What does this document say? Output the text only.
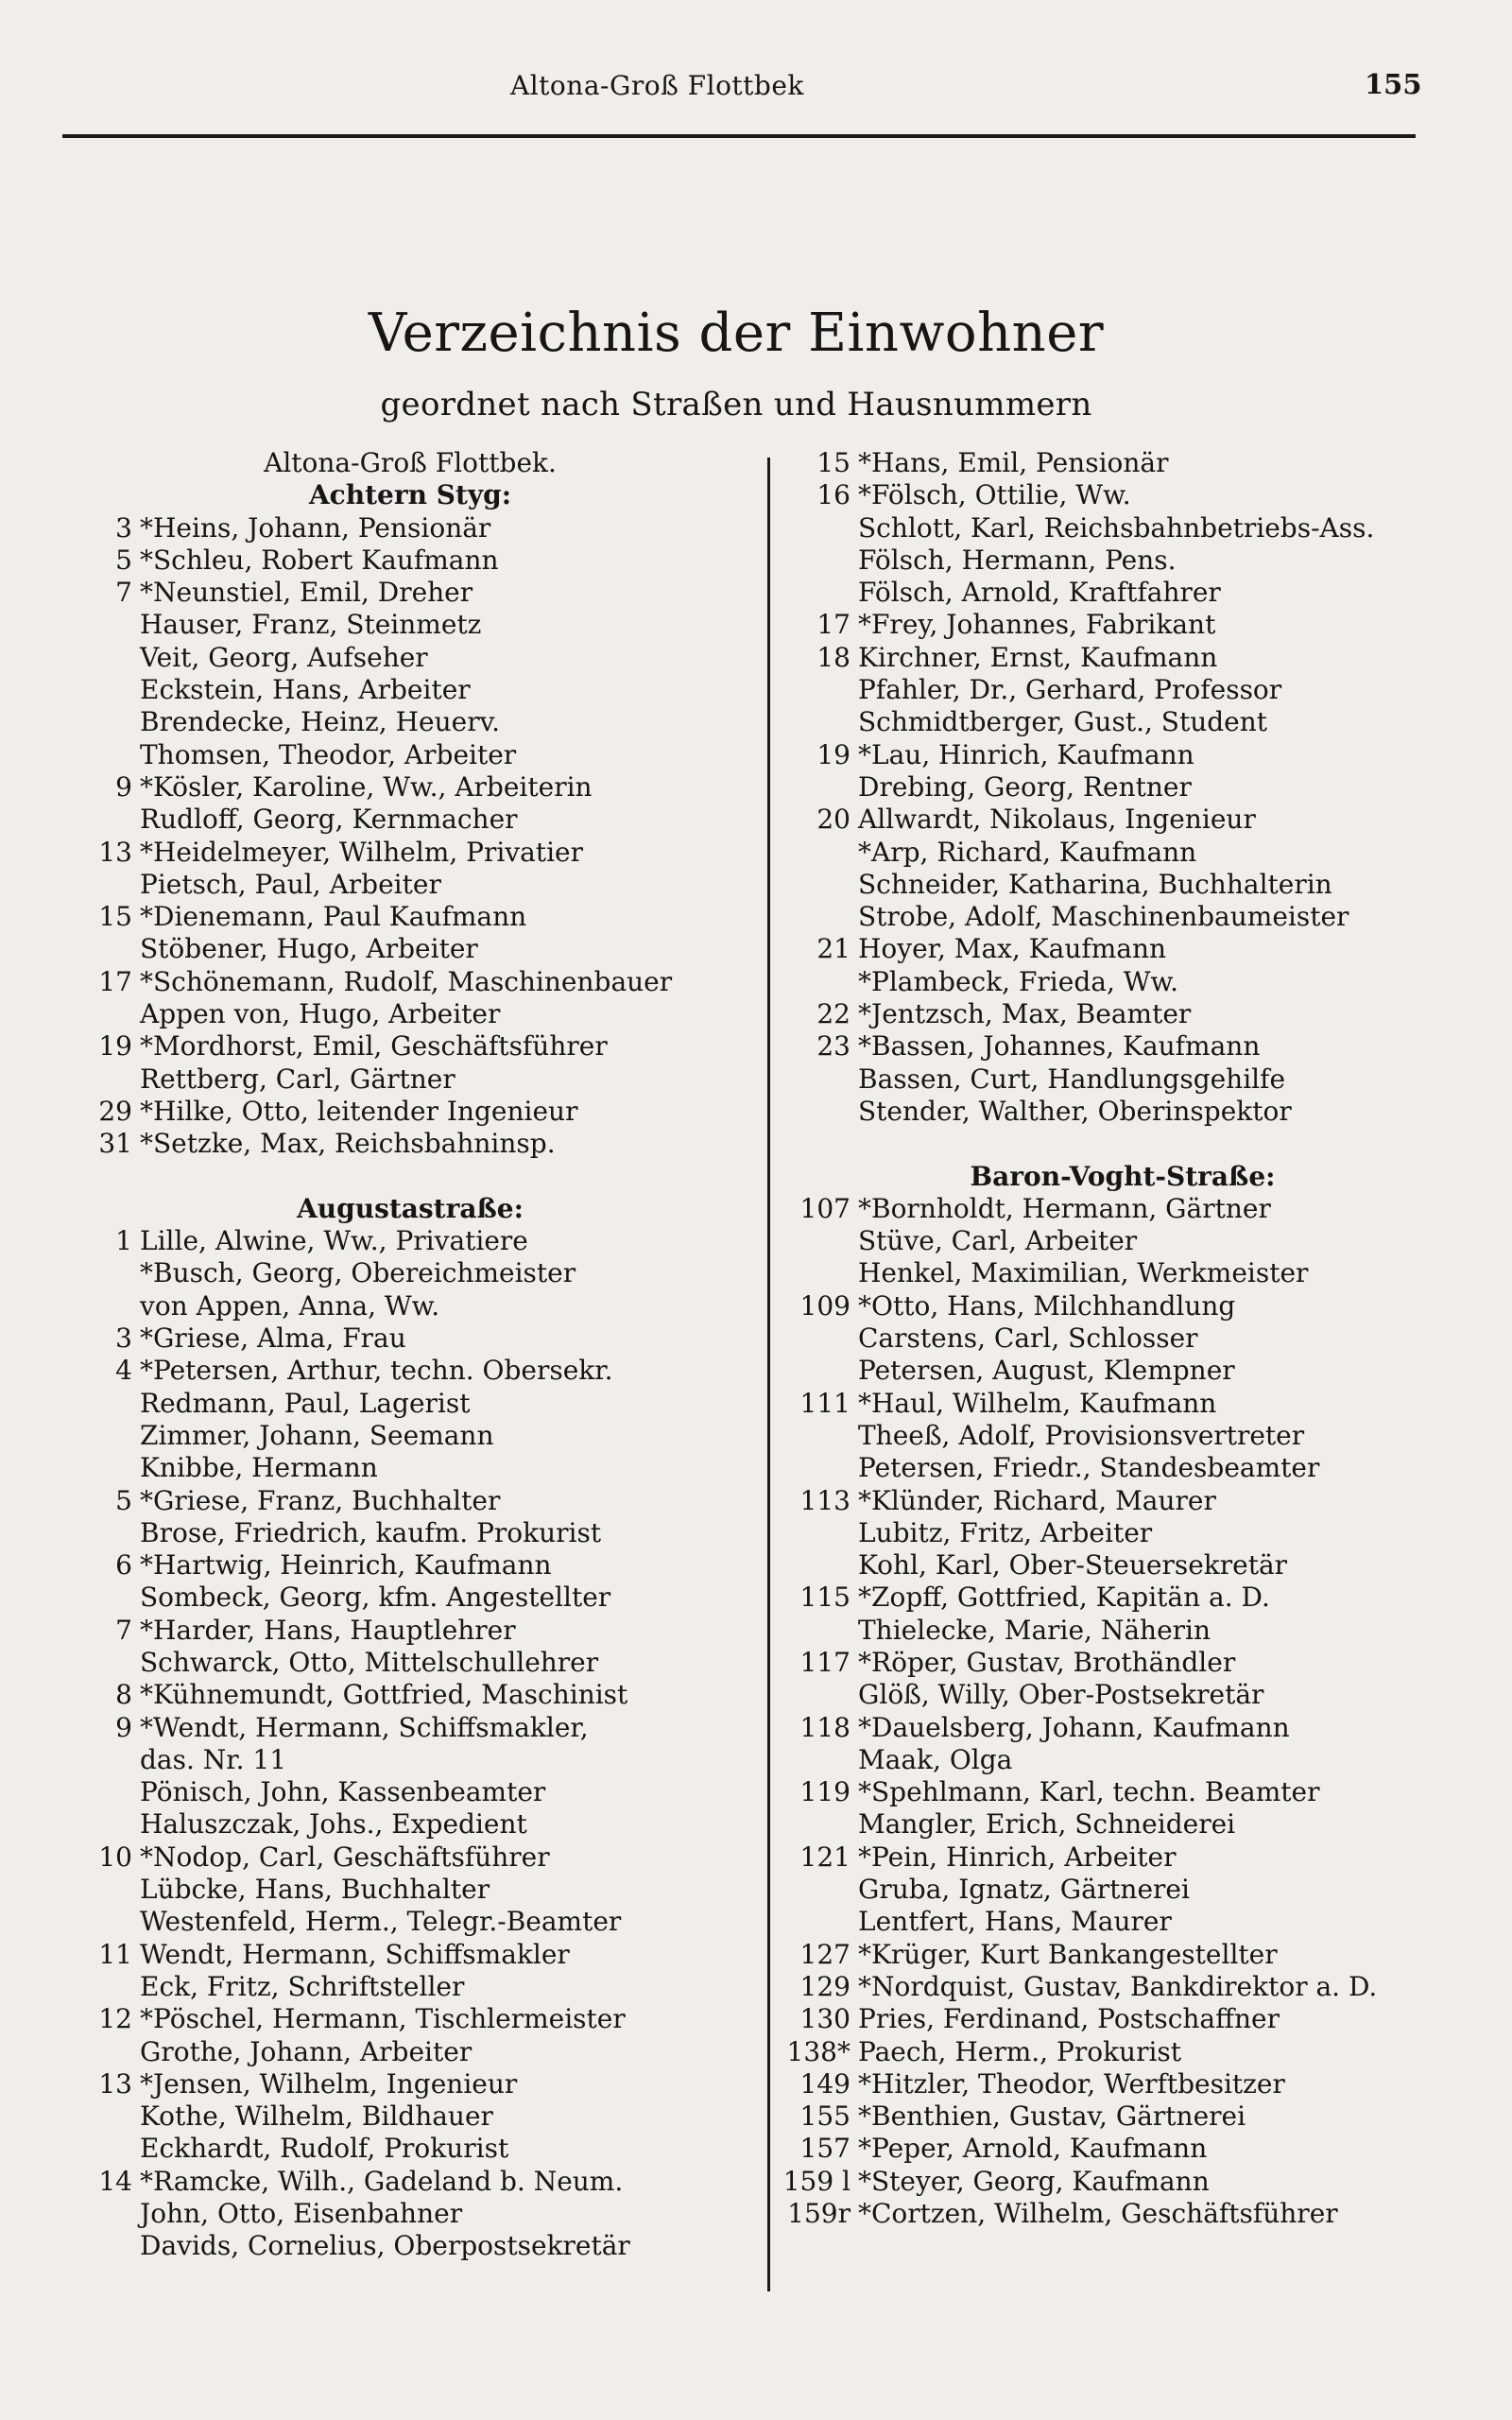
Altona-Groß Flottbek	155
Verzeichnis der Einwohner
geordnet nach Straßen und Hausnummern
Altona-Groß Flottbek.
Achtern Styg:
3 *Heins, Johann, Pensionär
5 *Schleu, Robert Kaufmann
7 *Neunstiel, Emil, Dreher
Hauser, Franz, Steinmetz
Veit, Georg, Aufseher
Eckstein, Hans, Arbeiter
Brendecke, Heinz, Heuerv.
Thomsen, Theodor, Arbeiter
9 *Kösler, Karoline, Ww., Arbeiterin
Rudloff, Georg, Kernmacher
13 *Heidelmeyer, Wilhelm, Privatier
Pietsch, Paul, Arbeiter
15 *Dienemann, Paul Kaufmann
Stöbener, Hugo, Arbeiter
17 *Schönemann, Rudolf, Maschinenbauer
Appen von, Hugo, Arbeiter
19 *Mordhorst, Emil, Geschäftsführer
Rettberg, Carl, Gärtner
29 *Hilke, Otto, leitender Ingenieur
31 *Setzke, Max, Reichsbahninsp.
Augustastraße:
1 Lille, Alwine, Ww., Privatiere
*Busch, Georg, Obereichmeister
von Appen, Anna, Ww.
3 *Griese, Alma, Frau
4 *Petersen, Arthur, techn. Obersekr.
Redmann, Paul, Lagerist
Zimmer, Johann, Seemann
Knibbe, Hermann
5 *Griese, Franz, Buchhalter
Brose, Friedrich, kaufm. Prokurist
6 *Hartwig, Heinrich, Kaufmann
Sombeck, Georg, kfm. Angestellter
7 *Harder, Hans, Hauptlehrer
Schwarck, Otto, Mittelschullehrer
8 *Kühnemundt, Gottfried, Maschinist
9 *Wendt, Hermann, Schiffsmakler,
das. Nr. 11
Pönisch, John, Kassenbeamter
Haluszczak, Johs., Expedient
10 *Nodop, Carl, Geschäftsführer
Lübcke, Hans, Buchhalter
Westenfeld, Herm., Telegr.-Beamter
11 Wendt, Hermann, Schiffsmakler
Eck, Fritz, Schriftsteller
12 *Pöschel, Hermann, Tischlermeister
Grothe, Johann, Arbeiter
13 *Jensen, Wilhelm, Ingenieur
Kothe, Wilhelm, Bildhauer
Eckhardt, Rudolf, Prokurist
14 *Ramcke, Wilh., Gadeland b. Neum.
John, Otto, Eisenbahner
Davids, Cornelius, Oberpostsekretär
15 *Hans, Emil, Pensionär
16 *Fölsch, Ottilie, Ww.
Schlott, Karl, Reichsbahnbetriebs-Ass.
Fölsch, Hermann, Pens.
Fölsch, Arnold, Kraftfahrer
17 *Frey, Johannes, Fabrikant
18 Kirchner, Ernst, Kaufmann
Pfahler, Dr., Gerhard, Professor
Schmidtberger, Gust., Student
19 *Lau, Hinrich, Kaufmann
Drebing, Georg, Rentner
20 Allwardt, Nikolaus, Ingenieur
*Arp, Richard, Kaufmann
Schneider, Katharina, Buchhalterin
Strobe, Adolf, Maschinenbaumeister
21 Hoyer, Max, Kaufmann
*Plambeck, Frieda, Ww.
22 *Jentzsch, Max, Beamter
23 *Bassen, Johannes, Kaufmann
Bassen, Curt, Handlungsgehilfe
Stender, Walther, Oberinspektor
Baron-Voght-Straße:
107 *Bornholdt, Hermann, Gärtner
Stüve, Carl, Arbeiter
Henkel, Maximilian, Werkmeister
109 *Otto, Hans, Milchhandlung
Carstens, Carl, Schlosser
Petersen, August, Klempner
111 *Haul, Wilhelm, Kaufmann
Theeß, Adolf, Provisionsvertreter
Petersen, Friedr., Standesbeamter
113 *Klünder, Richard, Maurer
Lubitz, Fritz, Arbeiter
Kohl, Karl, Ober-Steuersekretär
115 *Zopff, Gottfried, Kapitän a. D.
Thielecke, Marie, Näherin
117 *Röper, Gustav, Brothändler
Glöß, Willy, Ober-Postsekretär
118 *Dauelsberg, Johann, Kaufmann
Maak, Olga
119 *Spehlmann, Karl, techn. Beamter
Mangler, Erich, Schneiderei
121 *Pein, Hinrich, Arbeiter
Gruba, Ignatz, Gärtnerei
Lentfert, Hans, Maurer
127 *Krüger, Kurt Bankangestellter
129 *Nordquist, Gustav, Bankdirektor a. D.
130 Pries, Ferdinand, Postschaffner
138* Paech, Herm., Prokurist
149 *Hitzler, Theodor, Werftbesitzer
155 *Benthien, Gustav, Gärtnerei
157 *Peper, Arnold, Kaufmann
159 l *Steyer, Georg, Kaufmann
159r *Cortzen, Wilhelm, Geschäftsführer
